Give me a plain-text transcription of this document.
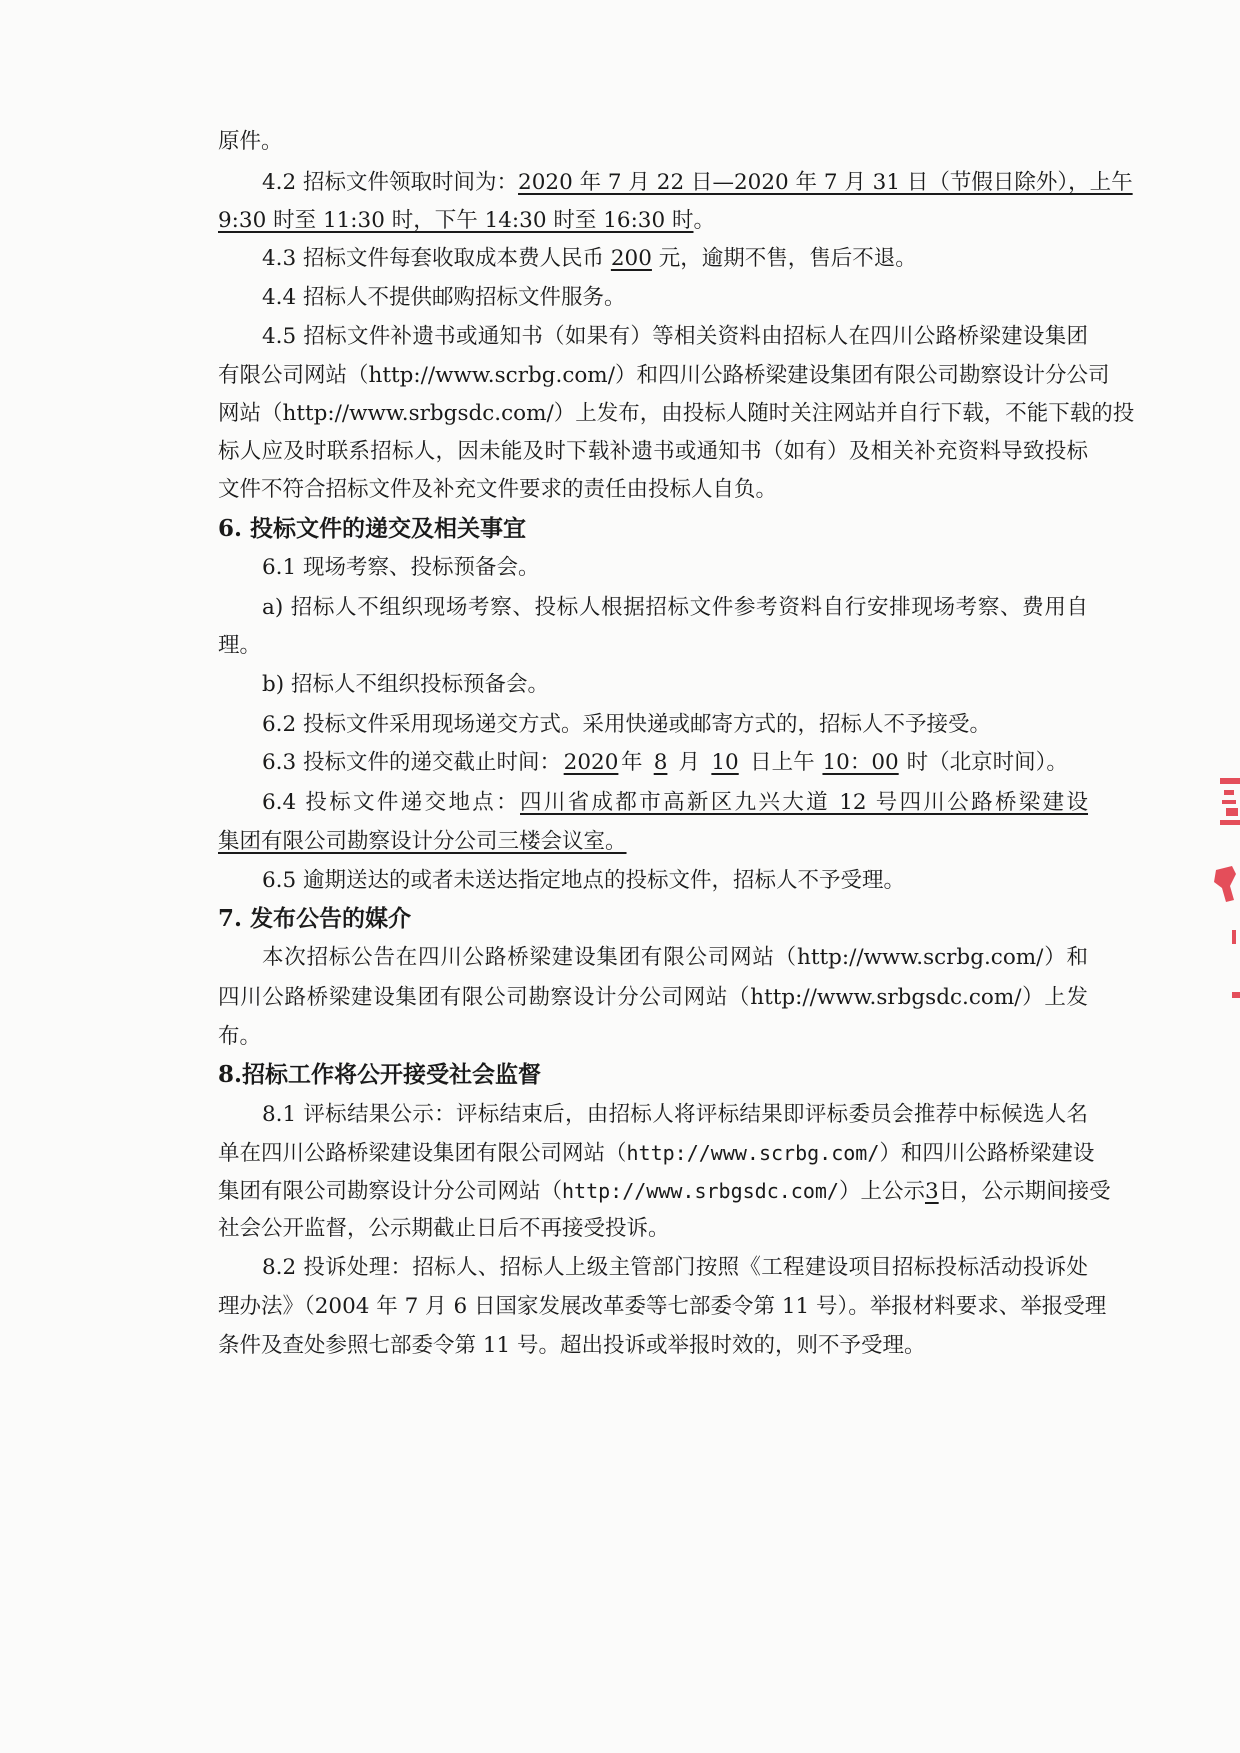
原件。
4.2 招标文件领取时间为：2020 年 7 月 22 日—2020 年 7 月 31 日（节假日除外），上午
9:30 时至 11:30 时，下午 14:30 时至 16:30 时。
4.3 招标文件每套收取成本费人民币 200 元，逾期不售，售后不退。
4.4 招标人不提供邮购招标文件服务。
4.5 招标文件补遗书或通知书（如果有）等相关资料由招标人在四川公路桥梁建设集团
有限公司网站（http://www.scrbg.com/）和四川公路桥梁建设集团有限公司勘察设计分公司
网站（http://www.srbgsdc.com/）上发布，由投标人随时关注网站并自行下载，不能下载的投
标人应及时联系招标人，因未能及时下载补遗书或通知书（如有）及相关补充资料导致投标
文件不符合招标文件及补充文件要求的责任由投标人自负。
6. 投标文件的递交及相关事宜
6.1 现场考察、投标预备会。
a) 招标人不组织现场考察、投标人根据招标文件参考资料自行安排现场考察、费用自
理。
b) 招标人不组织投标预备会。
6.2 投标文件采用现场递交方式。采用快递或邮寄方式的，招标人不予接受。
6.3 投标文件的递交截止时间： 2020 年 8 月 10 日上午 10：00 时（北京时间）。
6.4 投标文件递交地点：四川省成都市高新区九兴大道 12 号四川公路桥梁建设
集团有限公司勘察设计分公司三楼会议室。
6.5 逾期送达的或者未送达指定地点的投标文件，招标人不予受理。
7. 发布公告的媒介
本次招标公告在四川公路桥梁建设集团有限公司网站（http://www.scrbg.com/）和
四川公路桥梁建设集团有限公司勘察设计分公司网站（http://www.srbgsdc.com/）上发
布。
8.招标工作将公开接受社会监督
8.1 评标结果公示：评标结束后，由招标人将评标结果即评标委员会推荐中标候选人名
单在四川公路桥梁建设集团有限公司网站（http://www.scrbg.com/）和四川公路桥梁建设
集团有限公司勘察设计分公司网站（http://www.srbgsdc.com/）上公示3日，公示期间接受
社会公开监督，公示期截止日后不再接受投诉。
8.2 投诉处理：招标人、招标人上级主管部门按照《工程建设项目招标投标活动投诉处
理办法》（2004 年 7 月 6 日国家发展改革委等七部委令第 11 号）。举报材料要求、举报受理
条件及查处参照七部委令第 11 号。超出投诉或举报时效的，则不予受理。
